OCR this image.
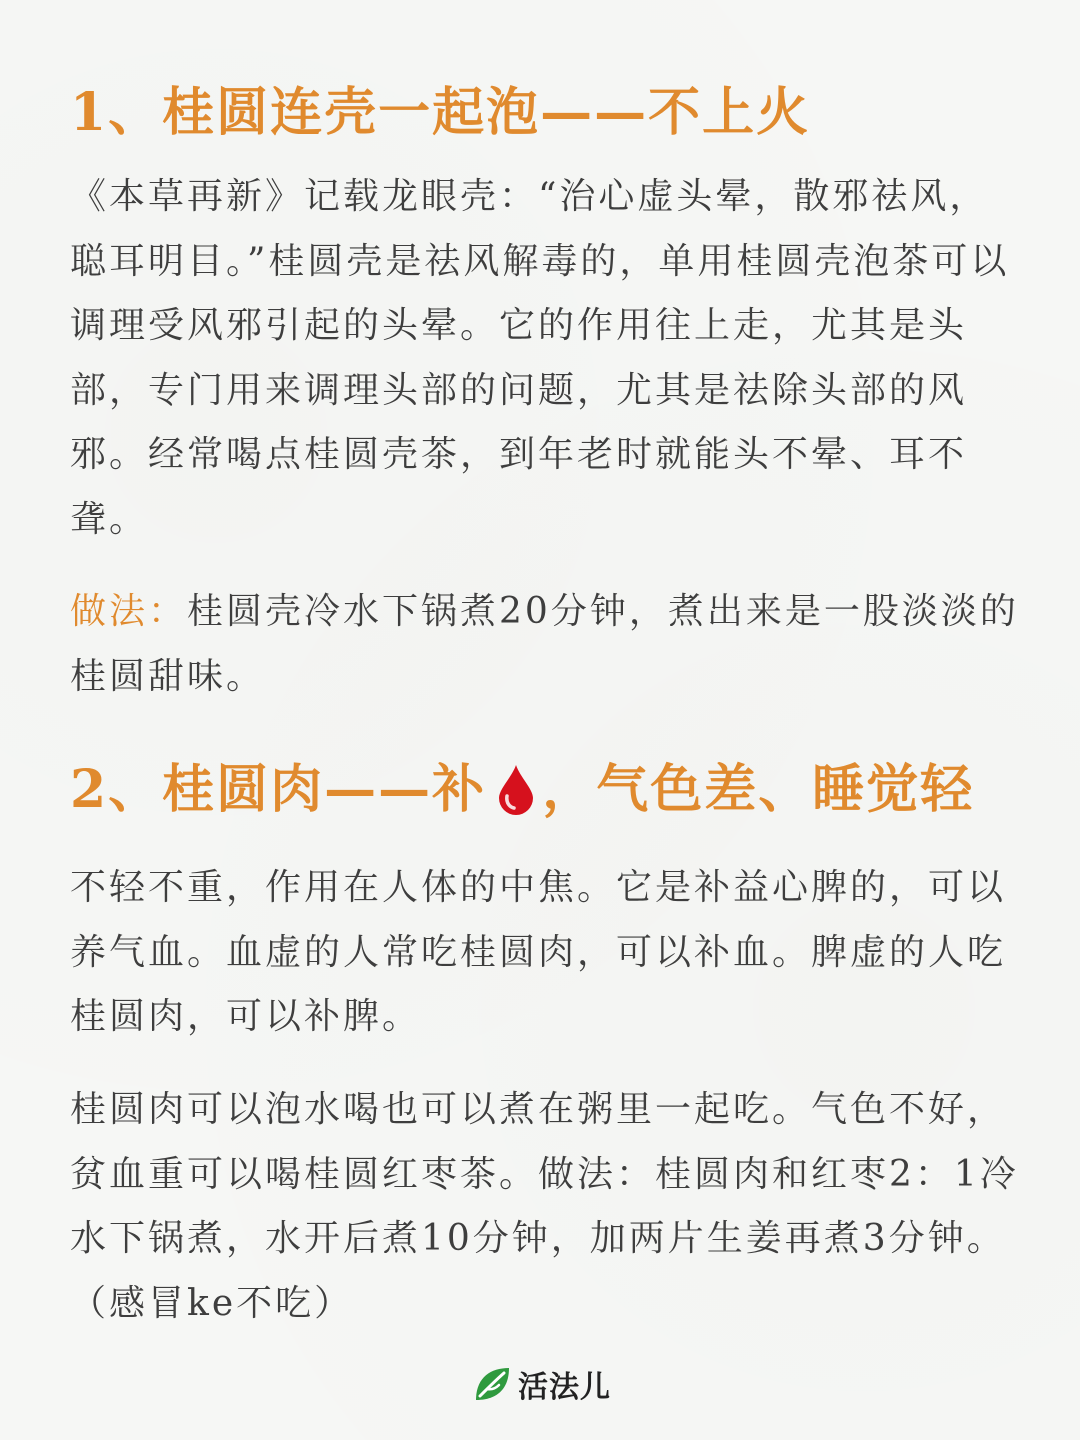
1、桂圆连壳一起泡——不上火

《本草再新》记载龙眼壳：“治心虚头晕，散邪祛风，聪耳明目。”桂圆壳是祛风解毒的，单用桂圆壳泡茶可以调理受风邪引起的头晕。它的作用往上走，尤其是头部，专门用来调理头部的问题，尤其是祛除头部的风邪。经常喝点桂圆壳茶，到年老时就能头不晕、耳不聋。

做法：桂圆壳冷水下锅煮20分钟，煮出来是一股淡淡的桂圆甜味。

2、桂圆肉——补 ，气色差、睡觉轻

不轻不重，作用在人体的中焦。它是补益心脾的，可以养气血。血虚的人常吃桂圆肉，可以补血。脾虚的人吃桂圆肉，可以补脾。

桂圆肉可以泡水喝也可以煮在粥里一起吃。气色不好，贫血重可以喝桂圆红枣茶。做法：桂圆肉和红枣2：1冷水下锅煮，水开后煮10分钟，加两片生姜再煮3分钟。（感冒ke不吃）

活法儿
